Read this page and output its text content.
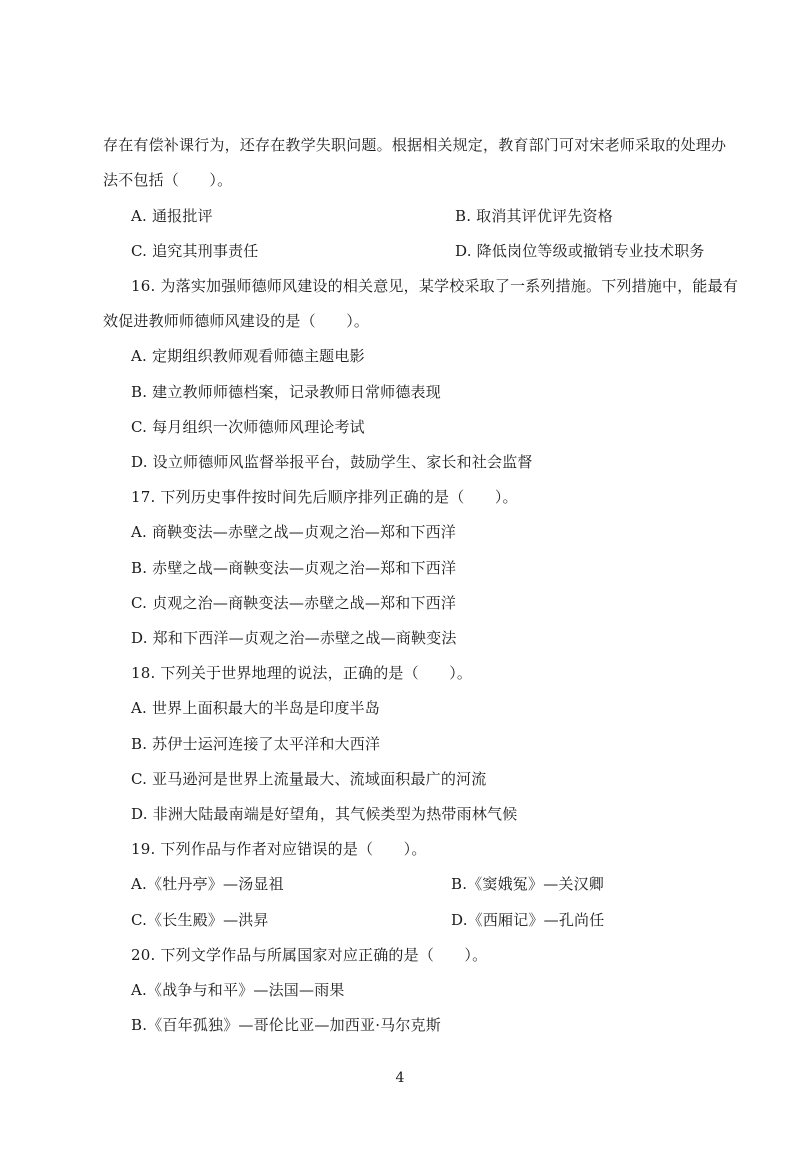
存在有偿补课行为，还存在教学失职问题。根据相关规定，教育部门可对宋老师采取的处理办
法不包括（　　）。
A. 通报批评	B. 取消其评优评先资格
C. 追究其刑事责任	D. 降低岗位等级或撤销专业技术职务
16. 为落实加强师德师风建设的相关意见，某学校采取了一系列措施。下列措施中，能最有
效促进教师师德师风建设的是（　　）。
A. 定期组织教师观看师德主题电影
B. 建立教师师德档案，记录教师日常师德表现
C. 每月组织一次师德师风理论考试
D. 设立师德师风监督举报平台，鼓励学生、家长和社会监督
17. 下列历史事件按时间先后顺序排列正确的是（　　）。
A. 商鞅变法—赤壁之战—贞观之治—郑和下西洋
B. 赤壁之战—商鞅变法—贞观之治—郑和下西洋
C. 贞观之治—商鞅变法—赤壁之战—郑和下西洋
D. 郑和下西洋—贞观之治—赤壁之战—商鞅变法
18. 下列关于世界地理的说法，正确的是（　　）。
A. 世界上面积最大的半岛是印度半岛
B. 苏伊士运河连接了太平洋和大西洋
C. 亚马逊河是世界上流量最大、流域面积最广的河流
D. 非洲大陆最南端是好望角，其气候类型为热带雨林气候
19. 下列作品与作者对应错误的是（　　）。
A.《牡丹亭》—汤显祖	B.《窦娥冤》—关汉卿
C.《长生殿》—洪昇	D.《西厢记》—孔尚任
20. 下列文学作品与所属国家对应正确的是（　　）。
A.《战争与和平》—法国—雨果
B.《百年孤独》—哥伦比亚—加西亚·马尔克斯
4
